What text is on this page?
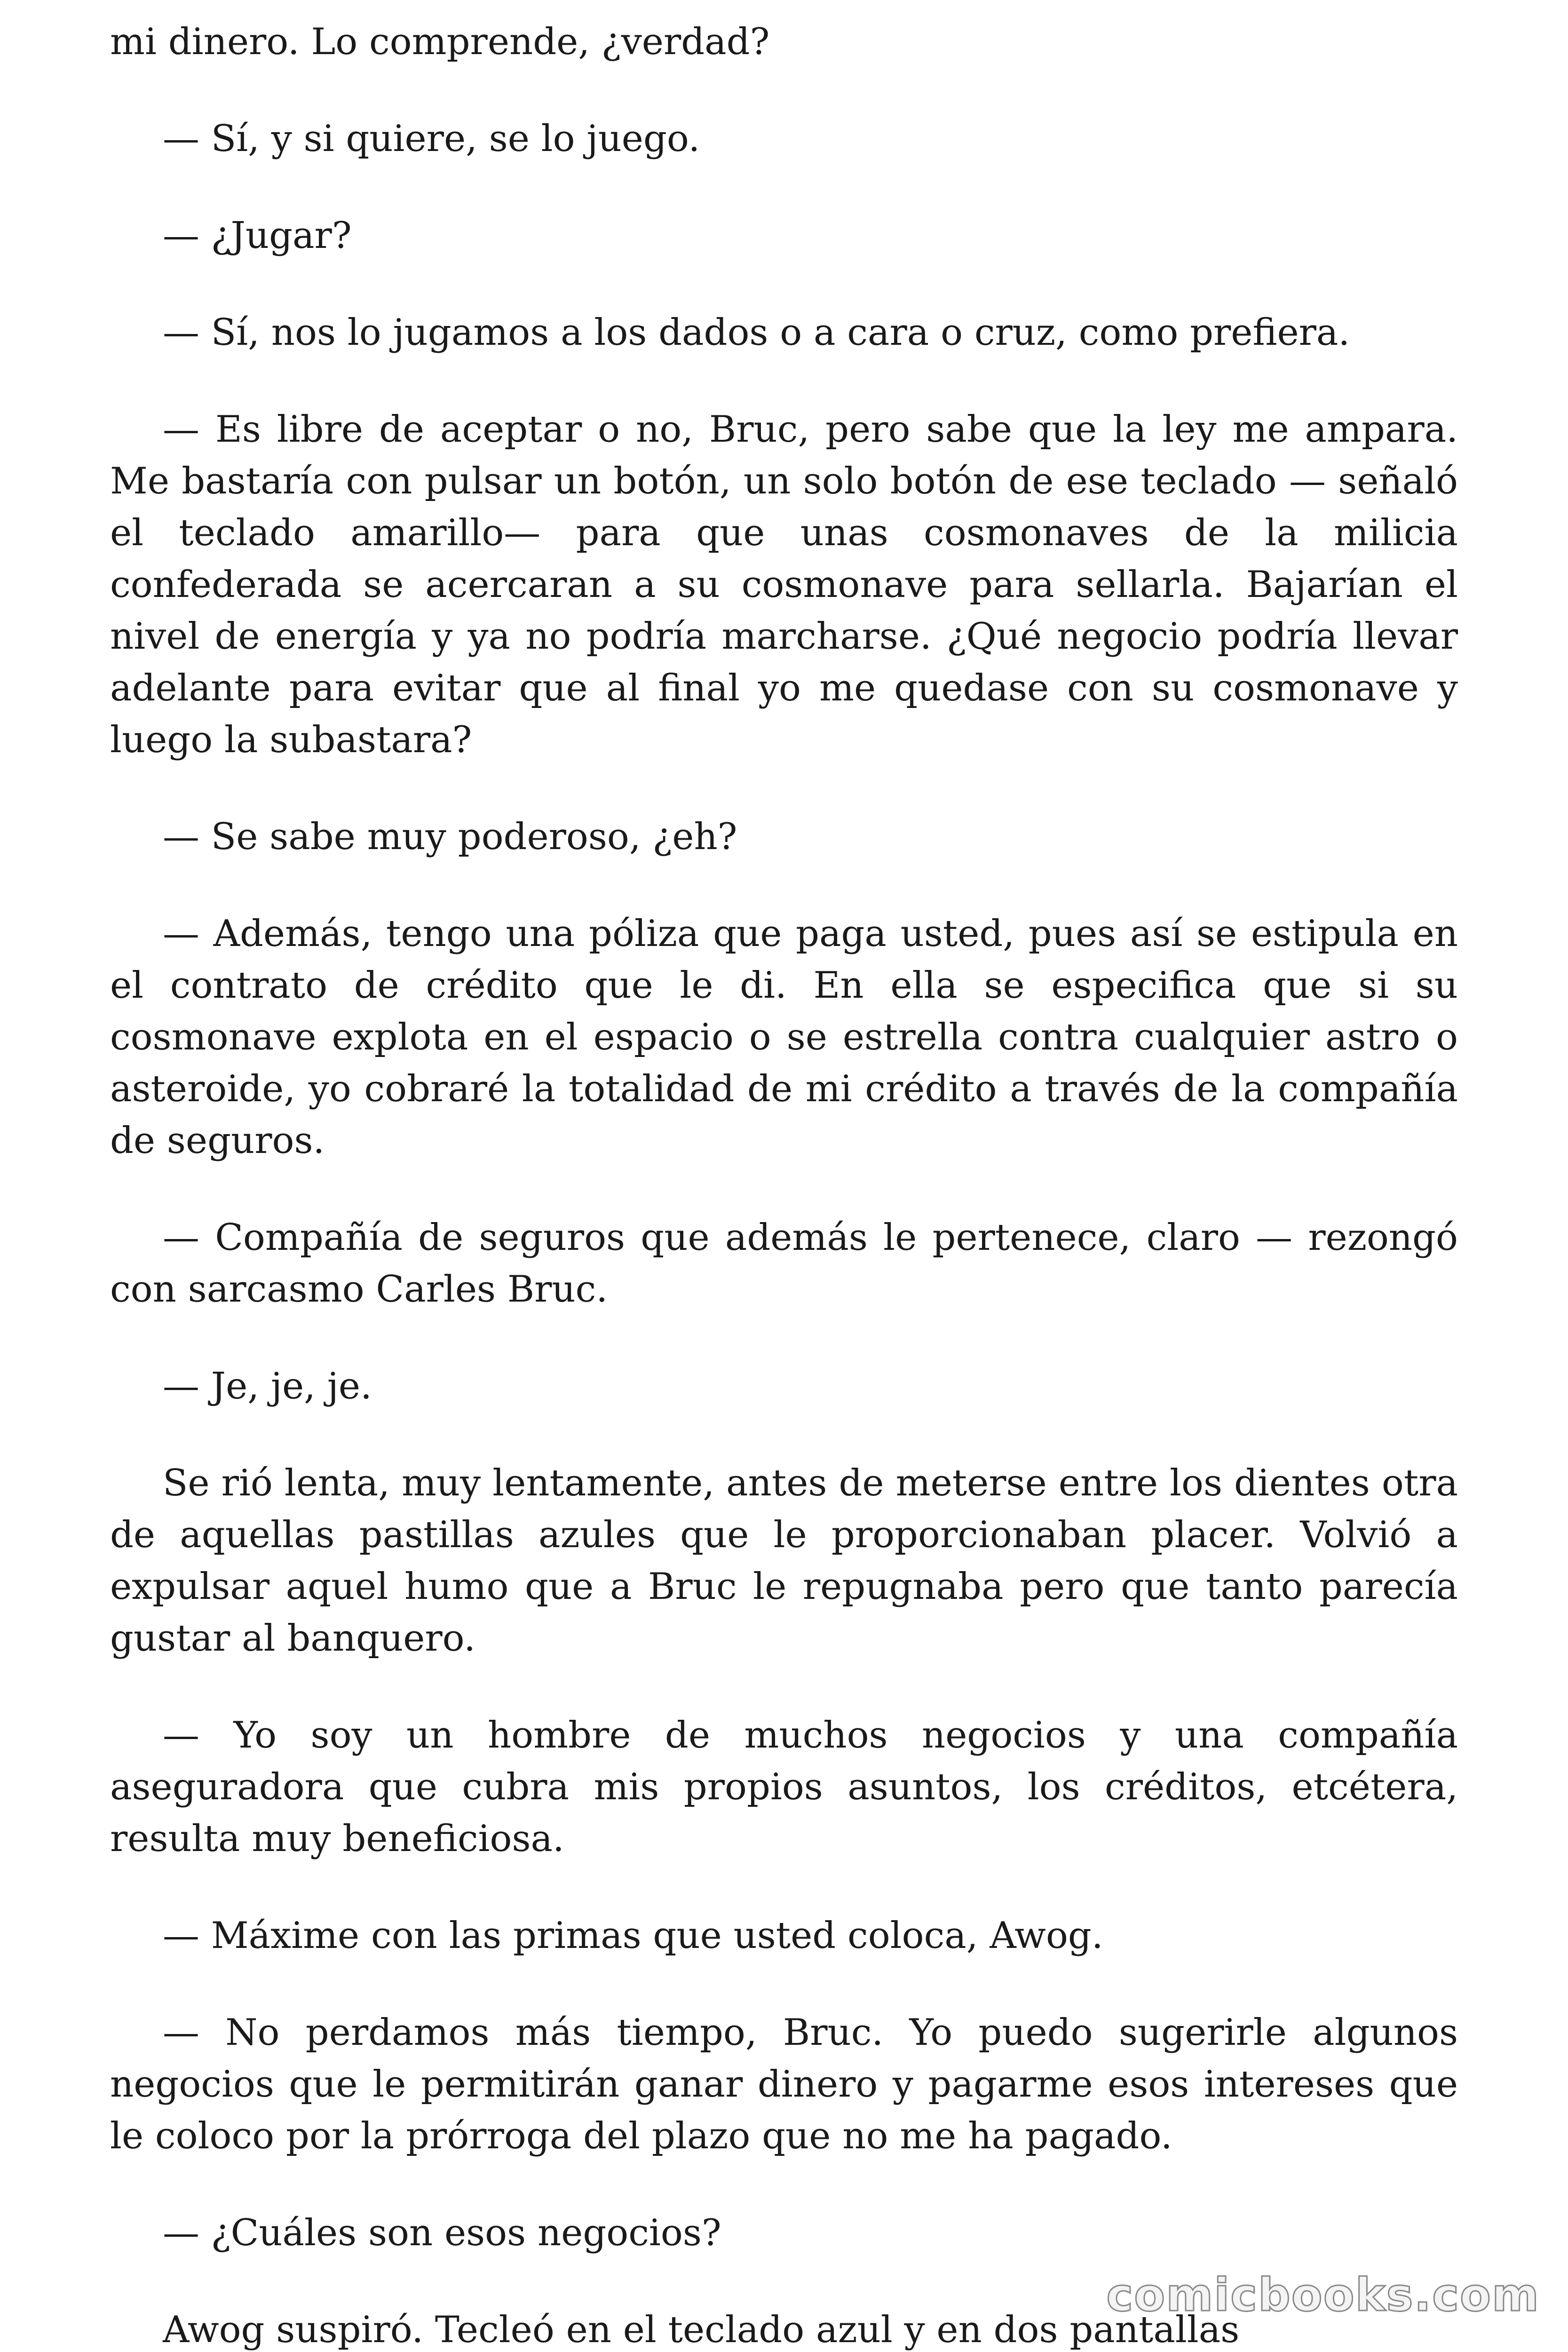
mi dinero. Lo comprende, ¿verdad?

— Sí, y si quiere, se lo juego.

— ¿Jugar?

— Sí, nos lo jugamos a los dados o a cara o cruz, como prefiera.

— Es libre de aceptar o no, Bruc, pero sabe que la ley me ampara. Me bastaría con pulsar un botón, un solo botón de ese teclado — señaló el teclado amarillo— para que unas cosmonaves de la milicia confederada se acercaran a su cosmonave para sellarla. Bajarían el nivel de energía y ya no podría marcharse. ¿Qué negocio podría llevar adelante para evitar que al final yo me quedase con su cosmonave y luego la subastara?

— Se sabe muy poderoso, ¿eh?

— Además, tengo una póliza que paga usted, pues así se estipula en el contrato de crédito que le di. En ella se especifica que si su cosmonave explota en el espacio o se estrella contra cualquier astro o asteroide, yo cobraré la totalidad de mi crédito a través de la compañía de seguros.

— Compañía de seguros que además le pertenece, claro — rezongó con sarcasmo Carles Bruc.

— Je, je, je.

Se rió lenta, muy lentamente, antes de meterse entre los dientes otra de aquellas pastillas azules que le proporcionaban placer. Volvió a expulsar aquel humo que a Bruc le repugnaba pero que tanto parecía gustar al banquero.

— Yo soy un hombre de muchos negocios y una compañía aseguradora que cubra mis propios asuntos, los créditos, etcétera, resulta muy beneficiosa.

— Máxime con las primas que usted coloca, Awog.

— No perdamos más tiempo, Bruc. Yo puedo sugerirle algunos negocios que le permitirán ganar dinero y pagarme esos intereses que le coloco por la prórroga del plazo que no me ha pagado.

— ¿Cuáles son esos negocios?

Awog suspiró. Tecleó en el teclado azul y en dos pantallas

comicbooks.com
